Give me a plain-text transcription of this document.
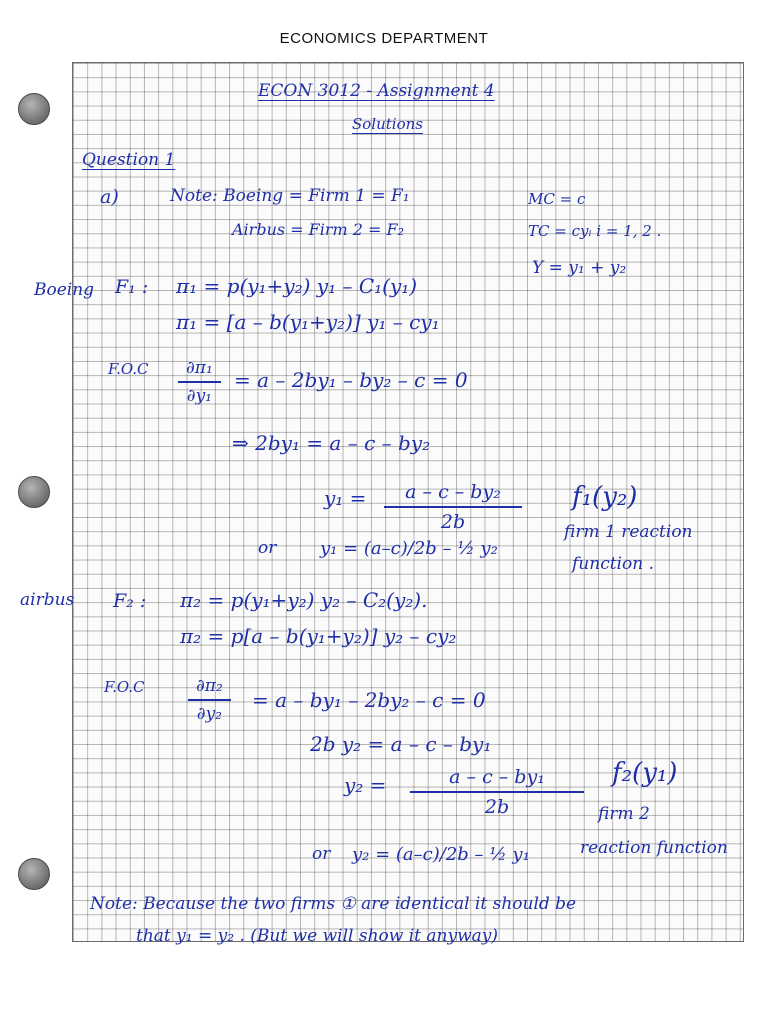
ECONOMICS DEPARTMENT
ECON 3012 - Assignment 4
Solutions
Question 1
a)	Note: Boeing = Firm 1 = F₁
Airbus = Firm 2 = F₂
MC = c
TC = cyᵢ i = 1, 2 .
Y = y₁ + y₂
Boeing F₁ : π₁ = p(y₁+y₂) y₁ – C₁(y₁)
π₁ = [a – b(y₁+y₂)] y₁ – cy₁
$F.O.C \frac{\text{∂π₁}}{\text{∂y₁}} = a - 2by_1 - by_2 - c = 0$
⇒ 2by₁ = a – c – by₂
$y_1 = \frac{\text{a – c – by₂}}{2b}$
or y₁ = (a–c)/2b – ½ y₂
f₁(y₂)
firm 1 reaction
function .
airbus F₂ : π₂ = p(y₁+y₂) y₂ – C₂(y₂).
π₂ = p[a – b(y₁+y₂)] y₂ – cy₂
F.O.C	$\frac{\text{∂π₂}}{\text{∂y₂}} = a - by_1 - 2by_2 - c = 0$
2b y₂ = a – c – by₁
$y_2 = \frac{\text{a – c – by₁}}{2b}$
or y₂ = (a–c)/2b – ½ y₁
f₂(y₁)
firm 2
reaction function
Note: Because the two firms ① are identical it should be
that y₁ = y₂ . (But we will show it anyway)
